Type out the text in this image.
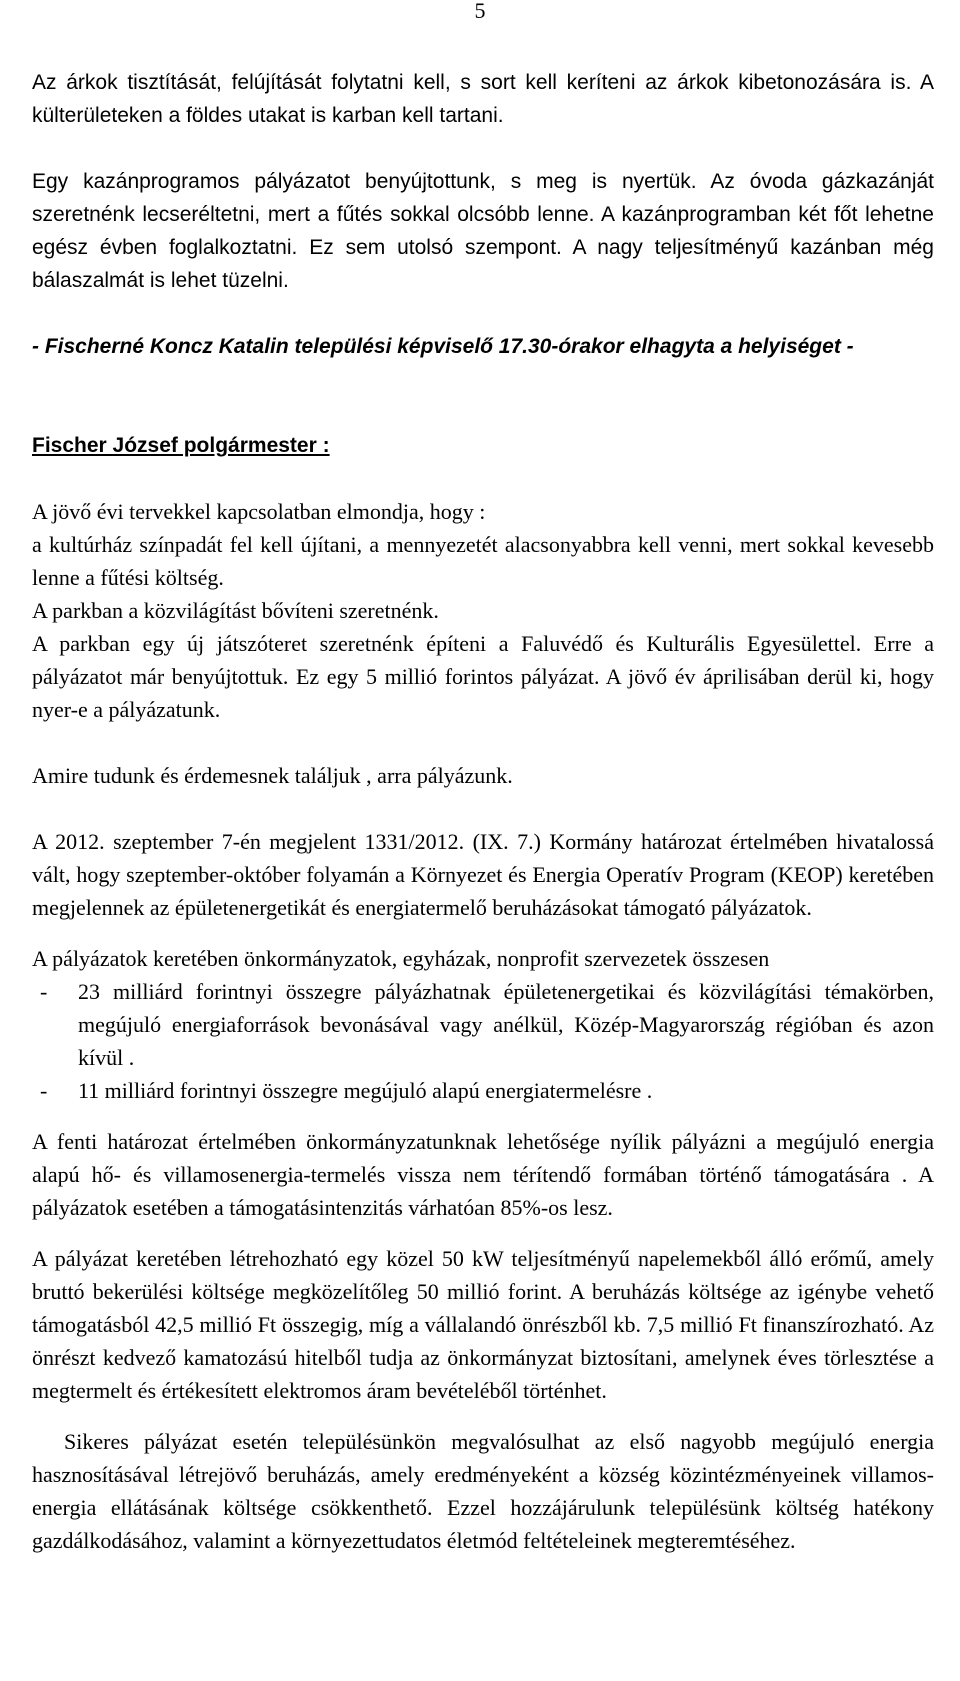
5

Az árkok tisztítását, felújítását folytatni kell, s sort kell keríteni az árkok kibetonozására is. A külterületeken a földes utakat is karban kell tartani.

Egy kazánprogramos pályázatot benyújtottunk, s meg is nyertük. Az óvoda gázkazánját szeretnénk lecseréltetni, mert a fűtés sokkal olcsóbb lenne. A kazánprogramban két főt lehetne egész évben foglalkoztatni. Ez sem utolsó szempont. A nagy teljesítményű kazánban még bálaszalmát is lehet tüzelni.

- Fischerné Koncz Katalin települési képviselő 17.30-órakor elhagyta a helyiséget -

Fischer József polgármester :

A jövő évi tervekkel kapcsolatban elmondja, hogy :

a kultúrház színpadát fel kell újítani, a mennyezetét alacsonyabbra kell venni, mert sokkal kevesebb lenne a fűtési költség.

A parkban a közvilágítást bővíteni szeretnénk.

A parkban egy új játszóteret szeretnénk építeni a Faluvédő és Kulturális Egyesülettel. Erre a pályázatot már benyújtottuk. Ez egy 5 millió forintos pályázat. A jövő év áprilisában derül ki, hogy nyer-e a pályázatunk.

Amire tudunk és érdemesnek találjuk , arra pályázunk.

A 2012. szeptember 7-én megjelent 1331/2012. (IX. 7.) Kormány határozat értelmében hivatalossá vált, hogy szeptember-október folyamán a Környezet és Energia Operatív Program (KEOP) keretében megjelennek az épületenergetikát és energiatermelő beruházásokat támogató pályázatok.

A pályázatok keretében önkormányzatok, egyházak, nonprofit szervezetek összesen

- 23 milliárd forintnyi összegre pályázhatnak épületenergetikai és közvilágítási témakörben, megújuló energiaforrások bevonásával vagy anélkül, Közép-Magyarország régióban és azon kívül .
- 11 milliárd forintnyi összegre megújuló alapú energiatermelésre .

A fenti határozat értelmében önkormányzatunknak lehetősége nyílik pályázni a megújuló energia alapú hő- és villamosenergia-termelés vissza nem térítendő formában történő támogatására . A pályázatok esetében a támogatásintenzitás várhatóan 85%-os lesz.

A pályázat keretében létrehozható egy közel 50 kW teljesítményű napelemekből álló erőmű, amely bruttó bekerülési költsége megközelítőleg 50 millió forint. A beruházás költsége az igénybe vehető támogatásból 42,5 millió Ft összegig, míg a vállalandó önrészből kb. 7,5 millió Ft finanszírozható. Az önrészt kedvező kamatozású hitelből tudja az önkormányzat biztosítani, amelynek éves törlesztése a megtermelt és értékesített elektromos áram bevételéből történhet.

Sikeres pályázat esetén településünkön megvalósulhat az első nagyobb megújuló energia hasznosításával létrejövő beruházás, amely eredményeként a község közintézményeinek villamos-energia ellátásának költsége csökkenthető. Ezzel hozzájárulunk településünk költség hatékony gazdálkodásához, valamint a környezettudatos életmód feltételeinek megteremtéséhez.
